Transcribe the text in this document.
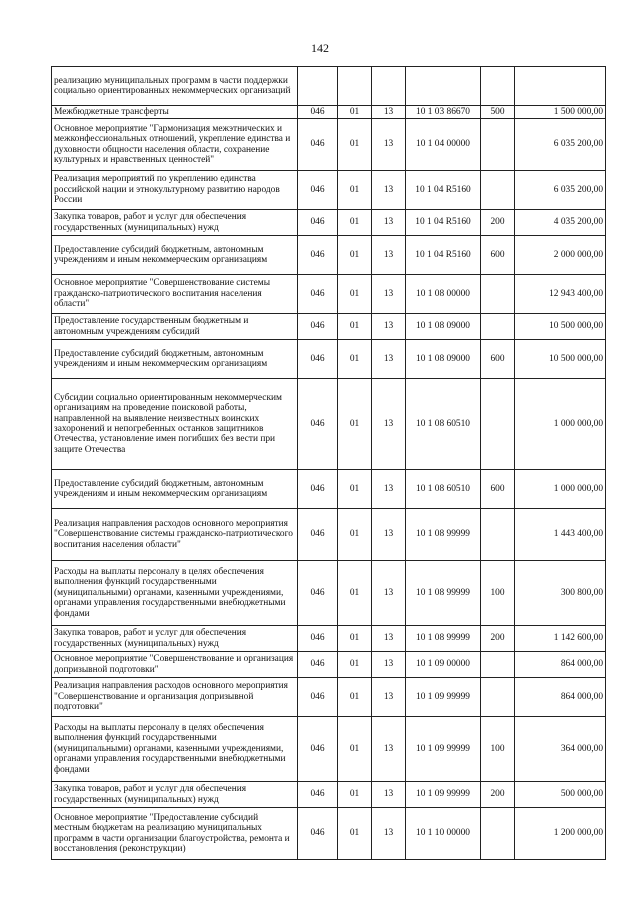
142
реализацию муниципальных программ в части поддержки социально ориентированных некоммерческих организаций						
Межбюджетные трансферты	046	01	13	10 1 03 86670	500	1 500 000,00
Основное мероприятие "Гармонизация межэтнических и межконфессиональных отношений, укрепление единства и духовности общности населения области, сохранение культурных и нравственных ценностей"	046	01	13	10 1 04 00000		6 035 200,00
Реализация мероприятий по укреплению единства российской нации и этнокультурному развитию народов России	046	01	13	10 1 04 R5160		6 035 200,00
Закупка товаров, работ и услуг для обеспечения государственных (муниципальных) нужд	046	01	13	10 1 04 R5160	200	4 035 200,00
Предоставление субсидий бюджетным, автономным учреждениям и иным некоммерческим организациям	046	01	13	10 1 04 R5160	600	2 000 000,00
Основное мероприятие "Совершенствование системы гражданско-патриотического воспитания населения области"	046	01	13	10 1 08 00000		12 943 400,00
Предоставление государственным бюджетным и автономным учреждениям субсидий	046	01	13	10 1 08 09000		10 500 000,00
Предоставление субсидий бюджетным, автономным учреждениям и иным некоммерческим организациям	046	01	13	10 1 08 09000	600	10 500 000,00
Субсидии социально ориентированным некоммерческим организациям на проведение поисковой работы, направленной на выявление неизвестных воинских захоронений и непогребенных останков защитников Отечества, установление имен погибших без вести при защите Отечества	046	01	13	10 1 08 60510		1 000 000,00
Предоставление субсидий бюджетным, автономным учреждениям и иным некоммерческим организациям	046	01	13	10 1 08 60510	600	1 000 000,00
Реализация направления расходов основного мероприятия "Совершенствование системы гражданско-патриотического воспитания населения области"	046	01	13	10 1 08 99999		1 443 400,00
Расходы на выплаты персоналу в целях обеспечения выполнения функций государственными (муниципальными) органами, казенными учреждениями, органами управления государственными внебюджетными фондами	046	01	13	10 1 08 99999	100	300 800,00
Закупка товаров, работ и услуг для обеспечения государственных (муниципальных) нужд	046	01	13	10 1 08 99999	200	1 142 600,00
Основное мероприятие "Совершенствование и организация допризывной подготовки"	046	01	13	10 1 09 00000		864 000,00
Реализация направления расходов основного мероприятия "Совершенствование и организация допризывной подготовки"	046	01	13	10 1 09 99999		864 000,00
Расходы на выплаты персоналу в целях обеспечения выполнения функций государственными (муниципальными) органами, казенными учреждениями, органами управления государственными внебюджетными фондами	046	01	13	10 1 09 99999	100	364 000,00
Закупка товаров, работ и услуг для обеспечения государственных (муниципальных) нужд	046	01	13	10 1 09 99999	200	500 000,00
Основное мероприятие "Предоставление субсидий местным бюджетам на реализацию муниципальных программ в части организации благоустройства, ремонта и восстановления (реконструкции)	046	01	13	10 1 10 00000		1 200 000,00
